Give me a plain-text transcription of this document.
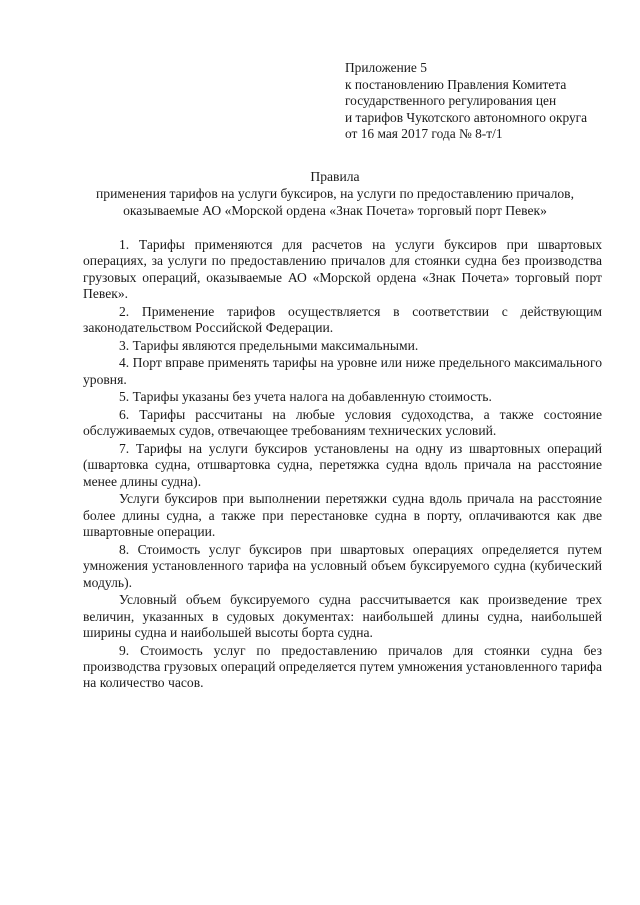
Приложение 5
к постановлению Правления Комитета
государственного регулирования цен
и тарифов Чукотского автономного округа
от 16 мая 2017 года № 8-т/1
Правила
применения тарифов на услуги буксиров, на услуги по предоставлению причалов,
оказываемые АО «Морской ордена «Знак Почета» торговый порт Певек»

1. Тарифы применяются для расчетов на услуги буксиров при швартовых операциях, за услуги по предоставлению причалов для стоянки судна без производства грузовых операций, оказываемые АО «Морской ордена «Знак Почета» торговый порт Певек».

2. Применение тарифов осуществляется в соответствии с действующим законодательством Российской Федерации.

3. Тарифы являются предельными максимальными.

4. Порт вправе применять тарифы на уровне или ниже предельного максимального уровня.

5. Тарифы указаны без учета налога на добавленную стоимость.

6. Тарифы рассчитаны на любые условия судоходства, а также состояние обслуживаемых судов, отвечающее требованиям технических условий.

7. Тарифы на услуги буксиров установлены на одну из швартовных операций (швартовка судна, отшвартовка судна, перетяжка судна вдоль причала на расстояние менее длины судна).

Услуги буксиров при выполнении перетяжки судна вдоль причала на расстояние более длины судна, а также при перестановке судна в порту, оплачиваются как две швартовные операции.

8. Стоимость услуг буксиров при швартовых операциях определяется путем умножения установленного тарифа на условный объем буксируемого судна (кубический модуль).

Условный объем буксируемого судна рассчитывается как произведение трех величин, указанных в судовых документах: наибольшей длины судна, наибольшей ширины судна и наибольшей высоты борта судна.

9. Стоимость услуг по предоставлению причалов для стоянки судна без производства грузовых операций определяется путем умножения установленного тарифа на количество часов.
